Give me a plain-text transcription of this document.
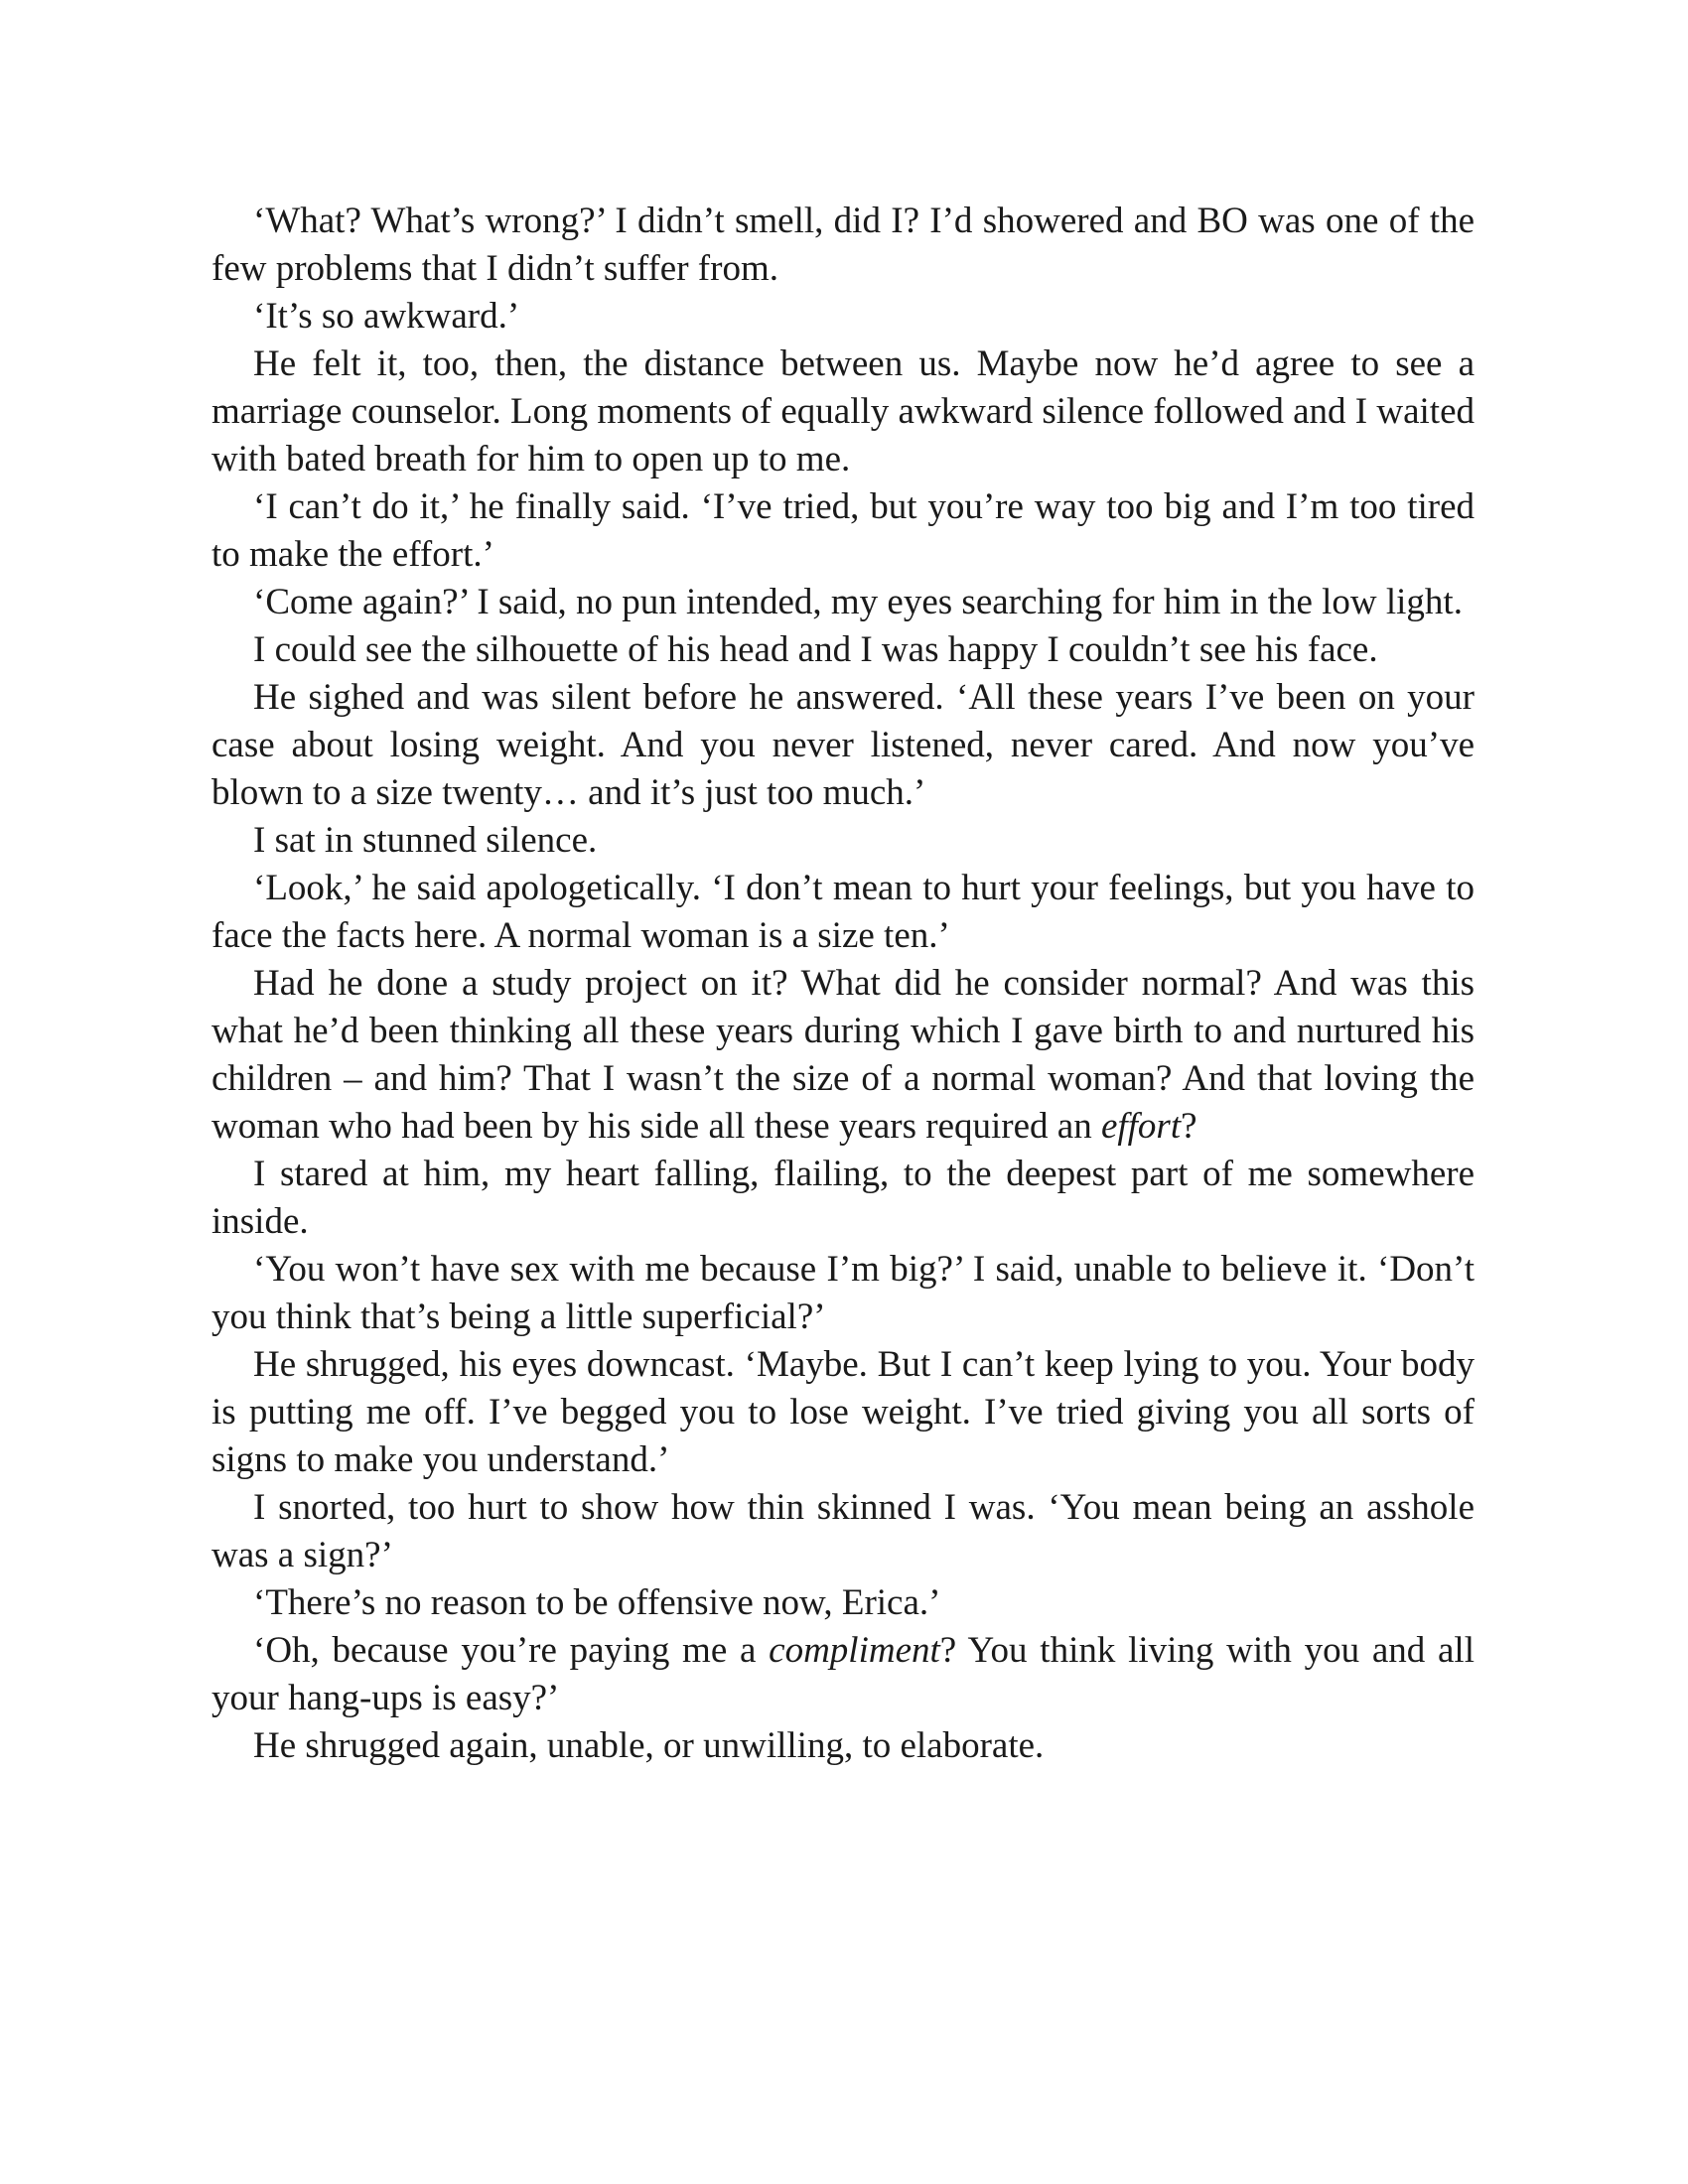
‘What? What’s wrong?’ I didn’t smell, did I? I’d showered and BO was one of the few problems that I didn’t suffer from.

‘It’s so awkward.’

He felt it, too, then, the distance between us. Maybe now he’d agree to see a marriage counselor. Long moments of equally awkward silence followed and I waited with bated breath for him to open up to me.

‘I can’t do it,’ he finally said. ‘I’ve tried, but you’re way too big and I’m too tired to make the effort.’

‘Come again?’ I said, no pun intended, my eyes searching for him in the low light.

I could see the silhouette of his head and I was happy I couldn’t see his face.

He sighed and was silent before he answered. ‘All these years I’ve been on your case about losing weight. And you never listened, never cared. And now you’ve blown to a size twenty… and it’s just too much.’

I sat in stunned silence.

‘Look,’ he said apologetically. ‘I don’t mean to hurt your feelings, but you have to face the facts here. A normal woman is a size ten.’

Had he done a study project on it? What did he consider normal? And was this what he’d been thinking all these years during which I gave birth to and nurtured his children – and him? That I wasn’t the size of a normal woman? And that loving the woman who had been by his side all these years required an effort?

I stared at him, my heart falling, flailing, to the deepest part of me somewhere inside.

‘You won’t have sex with me because I’m big?’ I said, unable to believe it. ‘Don’t you think that’s being a little superficial?’

He shrugged, his eyes downcast. ‘Maybe. But I can’t keep lying to you. Your body is putting me off. I’ve begged you to lose weight. I’ve tried giving you all sorts of signs to make you understand.’

I snorted, too hurt to show how thin skinned I was. ‘You mean being an asshole was a sign?’

‘There’s no reason to be offensive now, Erica.’

‘Oh, because you’re paying me a compliment? You think living with you and all your hang-ups is easy?’

He shrugged again, unable, or unwilling, to elaborate.
